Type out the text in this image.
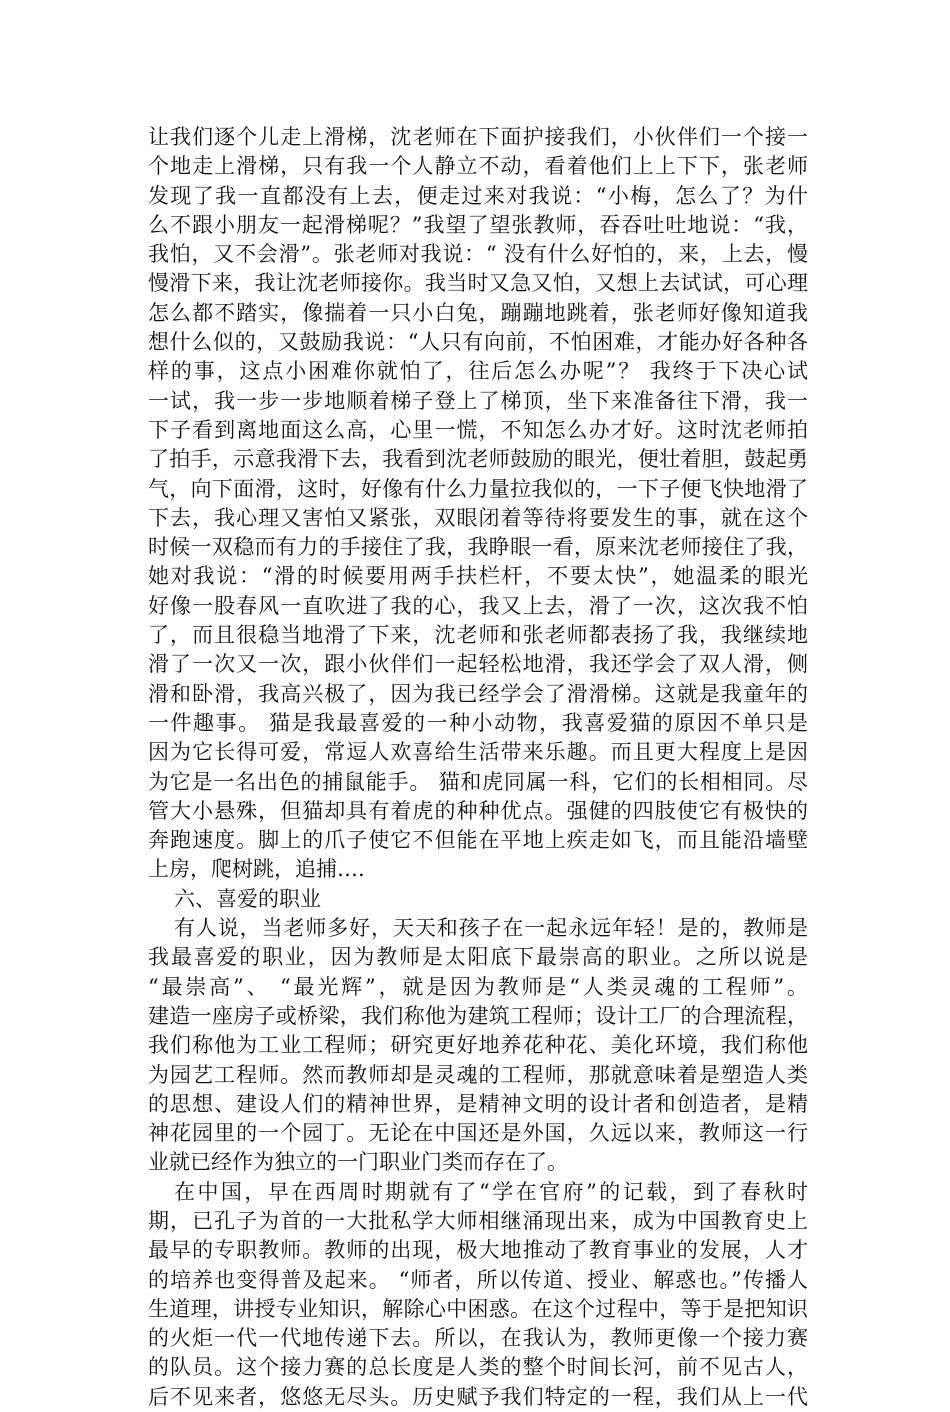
让我们逐个儿走上滑梯，沈老师在下面护接我们，小伙伴们一个接一
个地走上滑梯，只有我一个人静立不动，看着他们上上下下，张老师
发现了我一直都没有上去，便走过来对我说：“小梅，怎么了？为什
么不跟小朋友一起滑梯呢？”我望了望张教师，吞吞吐吐地说：“我，
我怕，又不会滑”。张老师对我说：“ 没有什么好怕的，来，上去，慢
慢滑下来，我让沈老师接你。我当时又急又怕，又想上去试试，可心理
怎么都不踏实，像揣着一只小白兔，蹦蹦地跳着，张老师好像知道我
想什么似的，又鼓励我说：“人只有向前，不怕困难，才能办好各种各
样的事，这点小困难你就怕了，往后怎么办呢”？ 我终于下决心试
一试，我一步一步地顺着梯子登上了梯顶，坐下来准备往下滑，我一
下子看到离地面这么高，心里一慌，不知怎么办才好。这时沈老师拍
了拍手，示意我滑下去，我看到沈老师鼓励的眼光，便壮着胆，鼓起勇
气，向下面滑，这时，好像有什么力量拉我似的，一下子便飞快地滑了
下去，我心理又害怕又紧张，双眼闭着等待将要发生的事，就在这个
时候一双稳而有力的手接住了我，我睁眼一看，原来沈老师接住了我，
她对我说：“滑的时候要用两手扶栏杆，不要太快”，她温柔的眼光
好像一股春风一直吹进了我的心，我又上去，滑了一次，这次我不怕
了，而且很稳当地滑了下来，沈老师和张老师都表扬了我，我继续地
滑了一次又一次，跟小伙伴们一起轻松地滑，我还学会了双人滑，侧
滑和卧滑，我高兴极了，因为我已经学会了滑滑梯。这就是我童年的
一件趣事。 猫是我最喜爱的一种小动物，我喜爱猫的原因不单只是
因为它长得可爱，常逗人欢喜给生活带来乐趣。而且更大程度上是因
为它是一名出色的捕鼠能手。 猫和虎同属一科，它们的长相相同。尽
管大小悬殊，但猫却具有着虎的种种优点。强健的四肢使它有极快的
奔跑速度。脚上的爪子使它不但能在平地上疾走如飞，而且能沿墙壁
上房，爬树跳，追捕….
六、喜爱的职业
有人说，当老师多好，天天和孩子在一起永远年轻！是的，教师是
我最喜爱的职业，因为教师是太阳底下最崇高的职业。之所以说是
“最崇高”、 “最光辉”，就是因为教师是“人类灵魂的工程师”。
建造一座房子或桥梁，我们称他为建筑工程师；设计工厂的合理流程，
我们称他为工业工程师；研究更好地养花种花、美化环境，我们称他
为园艺工程师。然而教师却是灵魂的工程师，那就意味着是塑造人类
的思想、建设人们的精神世界，是精神文明的设计者和创造者，是精
神花园里的一个园丁。无论在中国还是外国，久远以来，教师这一行
业就已经作为独立的一门职业门类而存在了。
在中国，早在西周时期就有了“学在官府”的记载，到了春秋时
期，已孔子为首的一大批私学大师相继涌现出来，成为中国教育史上
最早的专职教师。教师的出现，极大地推动了教育事业的发展，人才
的培养也变得普及起来。 “师者，所以传道、授业、解惑也。”传播人
生道理，讲授专业知识，解除心中困惑。在这个过程中，等于是把知识
的火炬一代一代地传递下去。所以，在我认为，教师更像一个接力赛
的队员。这个接力赛的总长度是人类的整个时间长河，前不见古人，
后不见来者，悠悠无尽头。历史赋予我们特定的一程，我们从上一代
